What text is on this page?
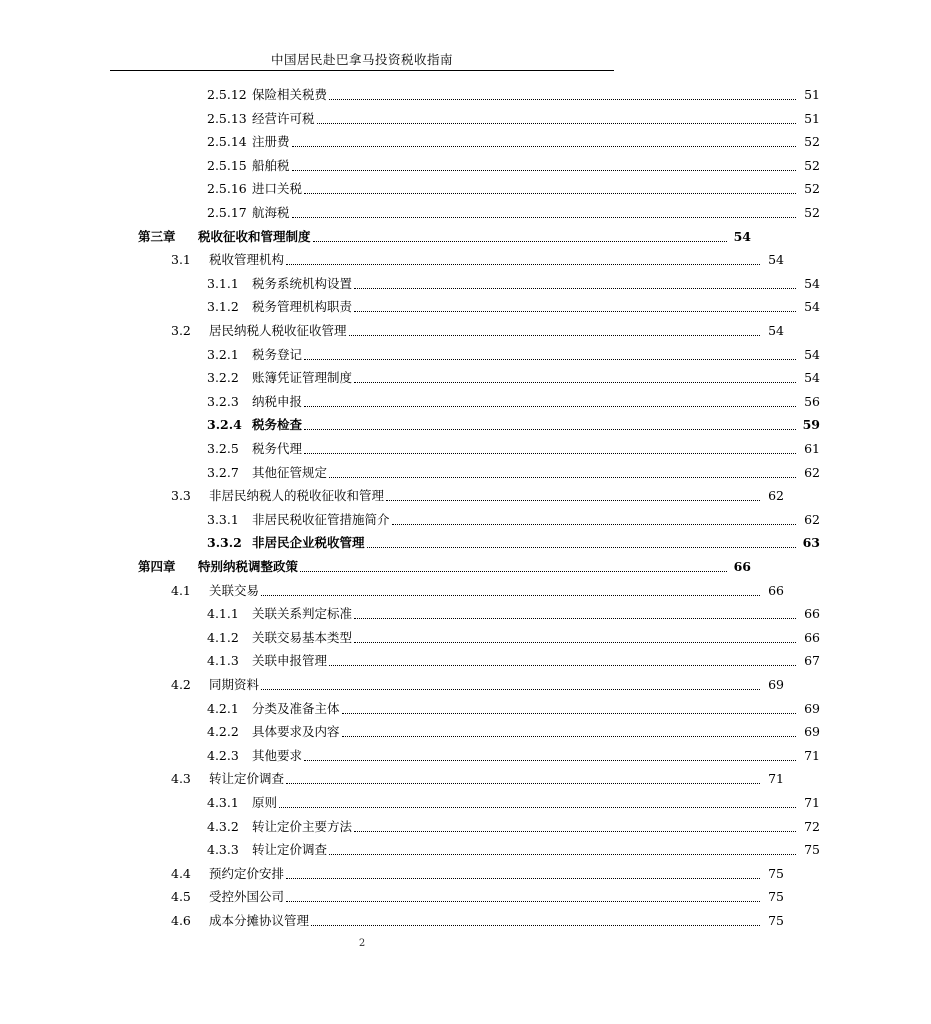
中国居民赴巴拿马投资税收指南
2.5.12 保险相关税费	51
2.5.13 经营许可税	51
2.5.14 注册费	52
2.5.15 船舶税	52
2.5.16 进口关税	52
2.5.17 航海税	52
第三章	税收征收和管理制度	54
3.1	税收管理机构	54
3.1.1	税务系统机构设置	54
3.1.2	税务管理机构职责	54
3.2	居民纳税人税收征收管理	54
3.2.1	税务登记	54
3.2.2	账簿凭证管理制度	54
3.2.3	纳税申报	56
3.2.4 税务检查	59
3.2.5	税务代理	61
3.2.7	其他征管规定	62
3.3	非居民纳税人的税收征收和管理	62
3.3.1	非居民税收征管措施简介	62
3.3.2 非居民企业税收管理	63
第四章	特别纳税调整政策	66
4.1	关联交易	66
4.1.1	关联关系判定标准	66
4.1.2	关联交易基本类型	66
4.1.3	关联申报管理	67
4.2	同期资料	69
4.2.1	分类及准备主体	69
4.2.2	具体要求及内容	69
4.2.3	其他要求	71
4.3	转让定价调查	71
4.3.1	原则	71
4.3.2	转让定价主要方法	72
4.3.3	转让定价调查	75
4.4	预约定价安排	75
4.5	受控外国公司	75
4.6	成本分摊协议管理	75
2
